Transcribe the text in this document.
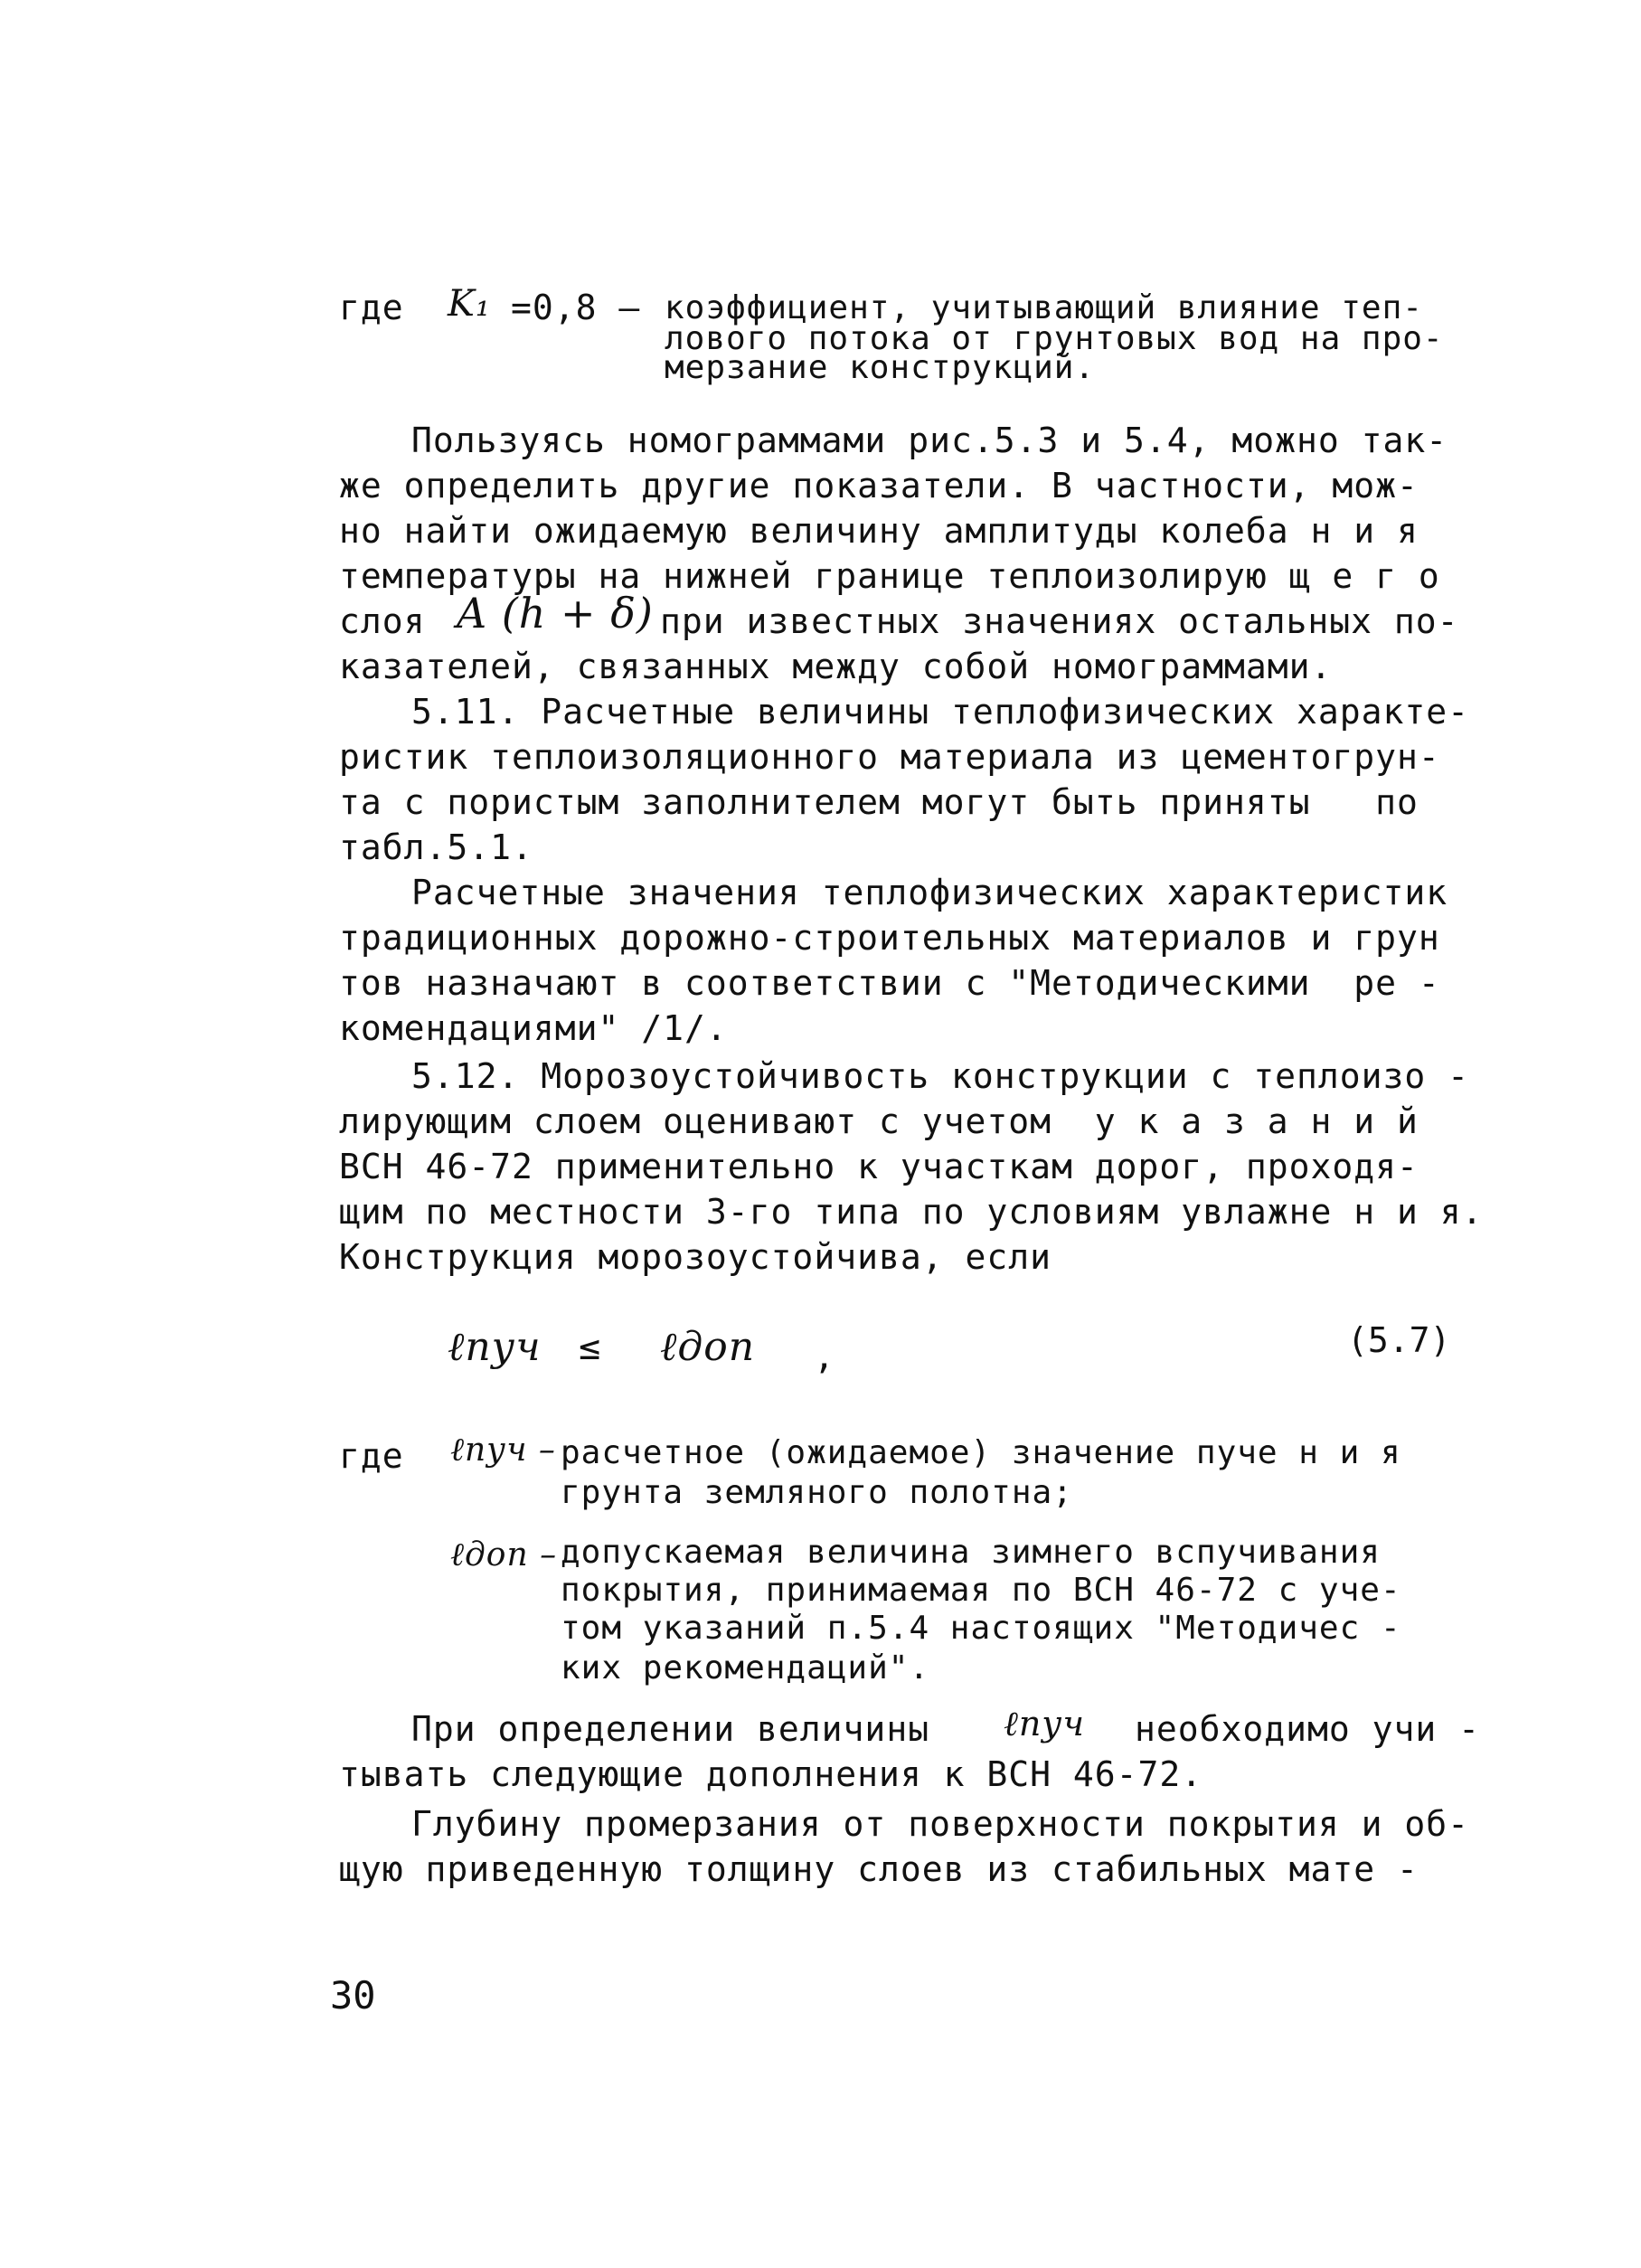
где K₁ =0,8 – коэффициент, учитывающий влияние теп-
лового потока от грунтовых вод на про-
мерзание конструкций.
Пользуясь номограммами рис.5.3 и 5.4, можно так-
же определить другие показатели. В частности, мож-
но найти ожидаемую величину амплитуды колеба н и я
температуры на нижней границе теплоизолирую щ е г о
слоя A (h + δ) при известных значениях остальных по-
казателей, связанных между собой номограммами.
5.11. Расчетные величины теплофизических характе-
ристик теплоизоляционного материала из цементогрун-
та с пористым заполнителем могут быть приняты   по
табл.5.1.
Расчетные значения теплофизических характеристик
традиционных дорожно-строительных материалов и грун
тов назначают в соответствии с "Методическими  ре -
комендациями" /1/.
5.12. Морозоустойчивость конструкции с теплоизо -
лирующим слоем оценивают с учетом  у к а з а н и й
ВСН 46-72 применительно к участкам дорог, проходя-
щим по местности 3-го типа по условиям увлажне н и я.
Конструкция морозоустойчива, если
ℓпуч ≤ ℓдоп ,	(5.7)
где ℓпуч – расчетное (ожидаемое) значение пуче н и я
грунта земляного полотна;
ℓдоп – допускаемая величина зимнего вспучивания
покрытия, принимаемая по ВСН 46-72 с уче-
том указаний п.5.4 настоящих "Методичес -
ких рекомендаций".
При определении величины ℓпуч необходимо учи -
тывать следующие дополнения к ВСН 46-72.
Глубину промерзания от поверхности покрытия и об-
щую приведенную толщину слоев из стабильных мате -
30
